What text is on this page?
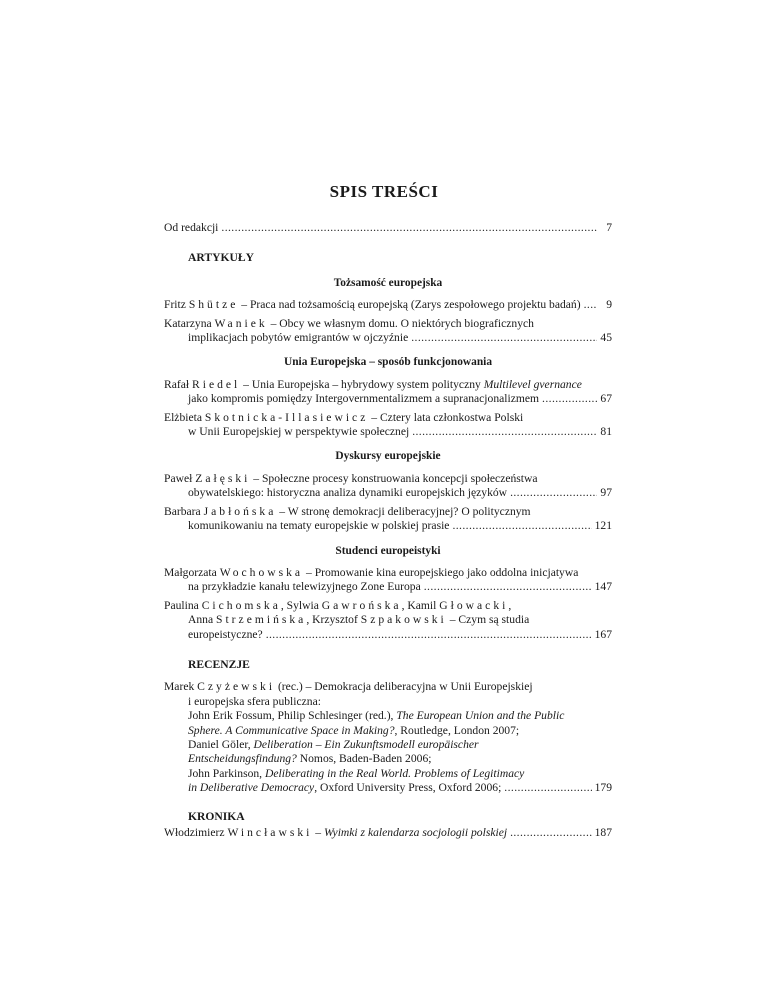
SPIS TREŚCI
Od redakcji .....	7
ARTYKUŁY
Tożsamość europejska
Fritz Shütze – Praca nad tożsamością europejską (Zarys zespołowego projektu badań) .....	9
Katarzyna Waniek – Obcy we własnym domu. O niektórych biograficznych
implikacjach pobytów emigrantów w ojczyźnie .....	45
Unia Europejska – sposób funkcjonowania
Rafał Riedel – Unia Europejska – hybrydowy system polityczny Multilevel gvernance
jako kompromis pomiędzy Intergovernmentalizmem a supranacjonalizmem .....	67
Elżbieta Skotnicka-Illasiewicz – Cztery lata członkostwa Polski
w Unii Europejskiej w perspektywie społecznej .....	81
Dyskursy europejskie
Paweł Załęski – Społeczne procesy konstruowania koncepcji społeczeństwa
obywatelskiego: historyczna analiza dynamiki europejskich języków .....	97
Barbara Jabłońska – W stronę demokracji deliberacyjnej? O politycznym
komunikowaniu na tematy europejskie w polskiej prasie .....	121
Studenci europeistyki
Małgorzata Wochowska – Promowanie kina europejskiego jako oddolna inicjatywa
na przykładzie kanału telewizyjnego Zone Europa .....	147
Paulina Cichomska, Sylwia Gawrońska, Kamil Głowacki,
Anna Strzemińska, Krzysztof Szpakowski – Czym są studia
europeistyczne? .....	167
RECENZJE
Marek Czyżewski (rec.) – Demokracja deliberacyjna w Unii Europejskiej
i europejska sfera publiczna:
John Erik Fossum, Philip Schlesinger (red.), The European Union and the Public
Sphere. A Communicative Space in Making?, Routledge, London 2007;
Daniel Göler, Deliberation – Ein Zukunftsmodell europäischer
Entscheidungsfindung? Nomos, Baden-Baden 2006;
John Parkinson, Deliberating in the Real World. Problems of Legitimacy
in Deliberative Democracy, Oxford University Press, Oxford 2006; .....	179
KRONIKA
Włodzimierz Wincławski – Wyimki z kalendarza socjologii polskiej .....	187
